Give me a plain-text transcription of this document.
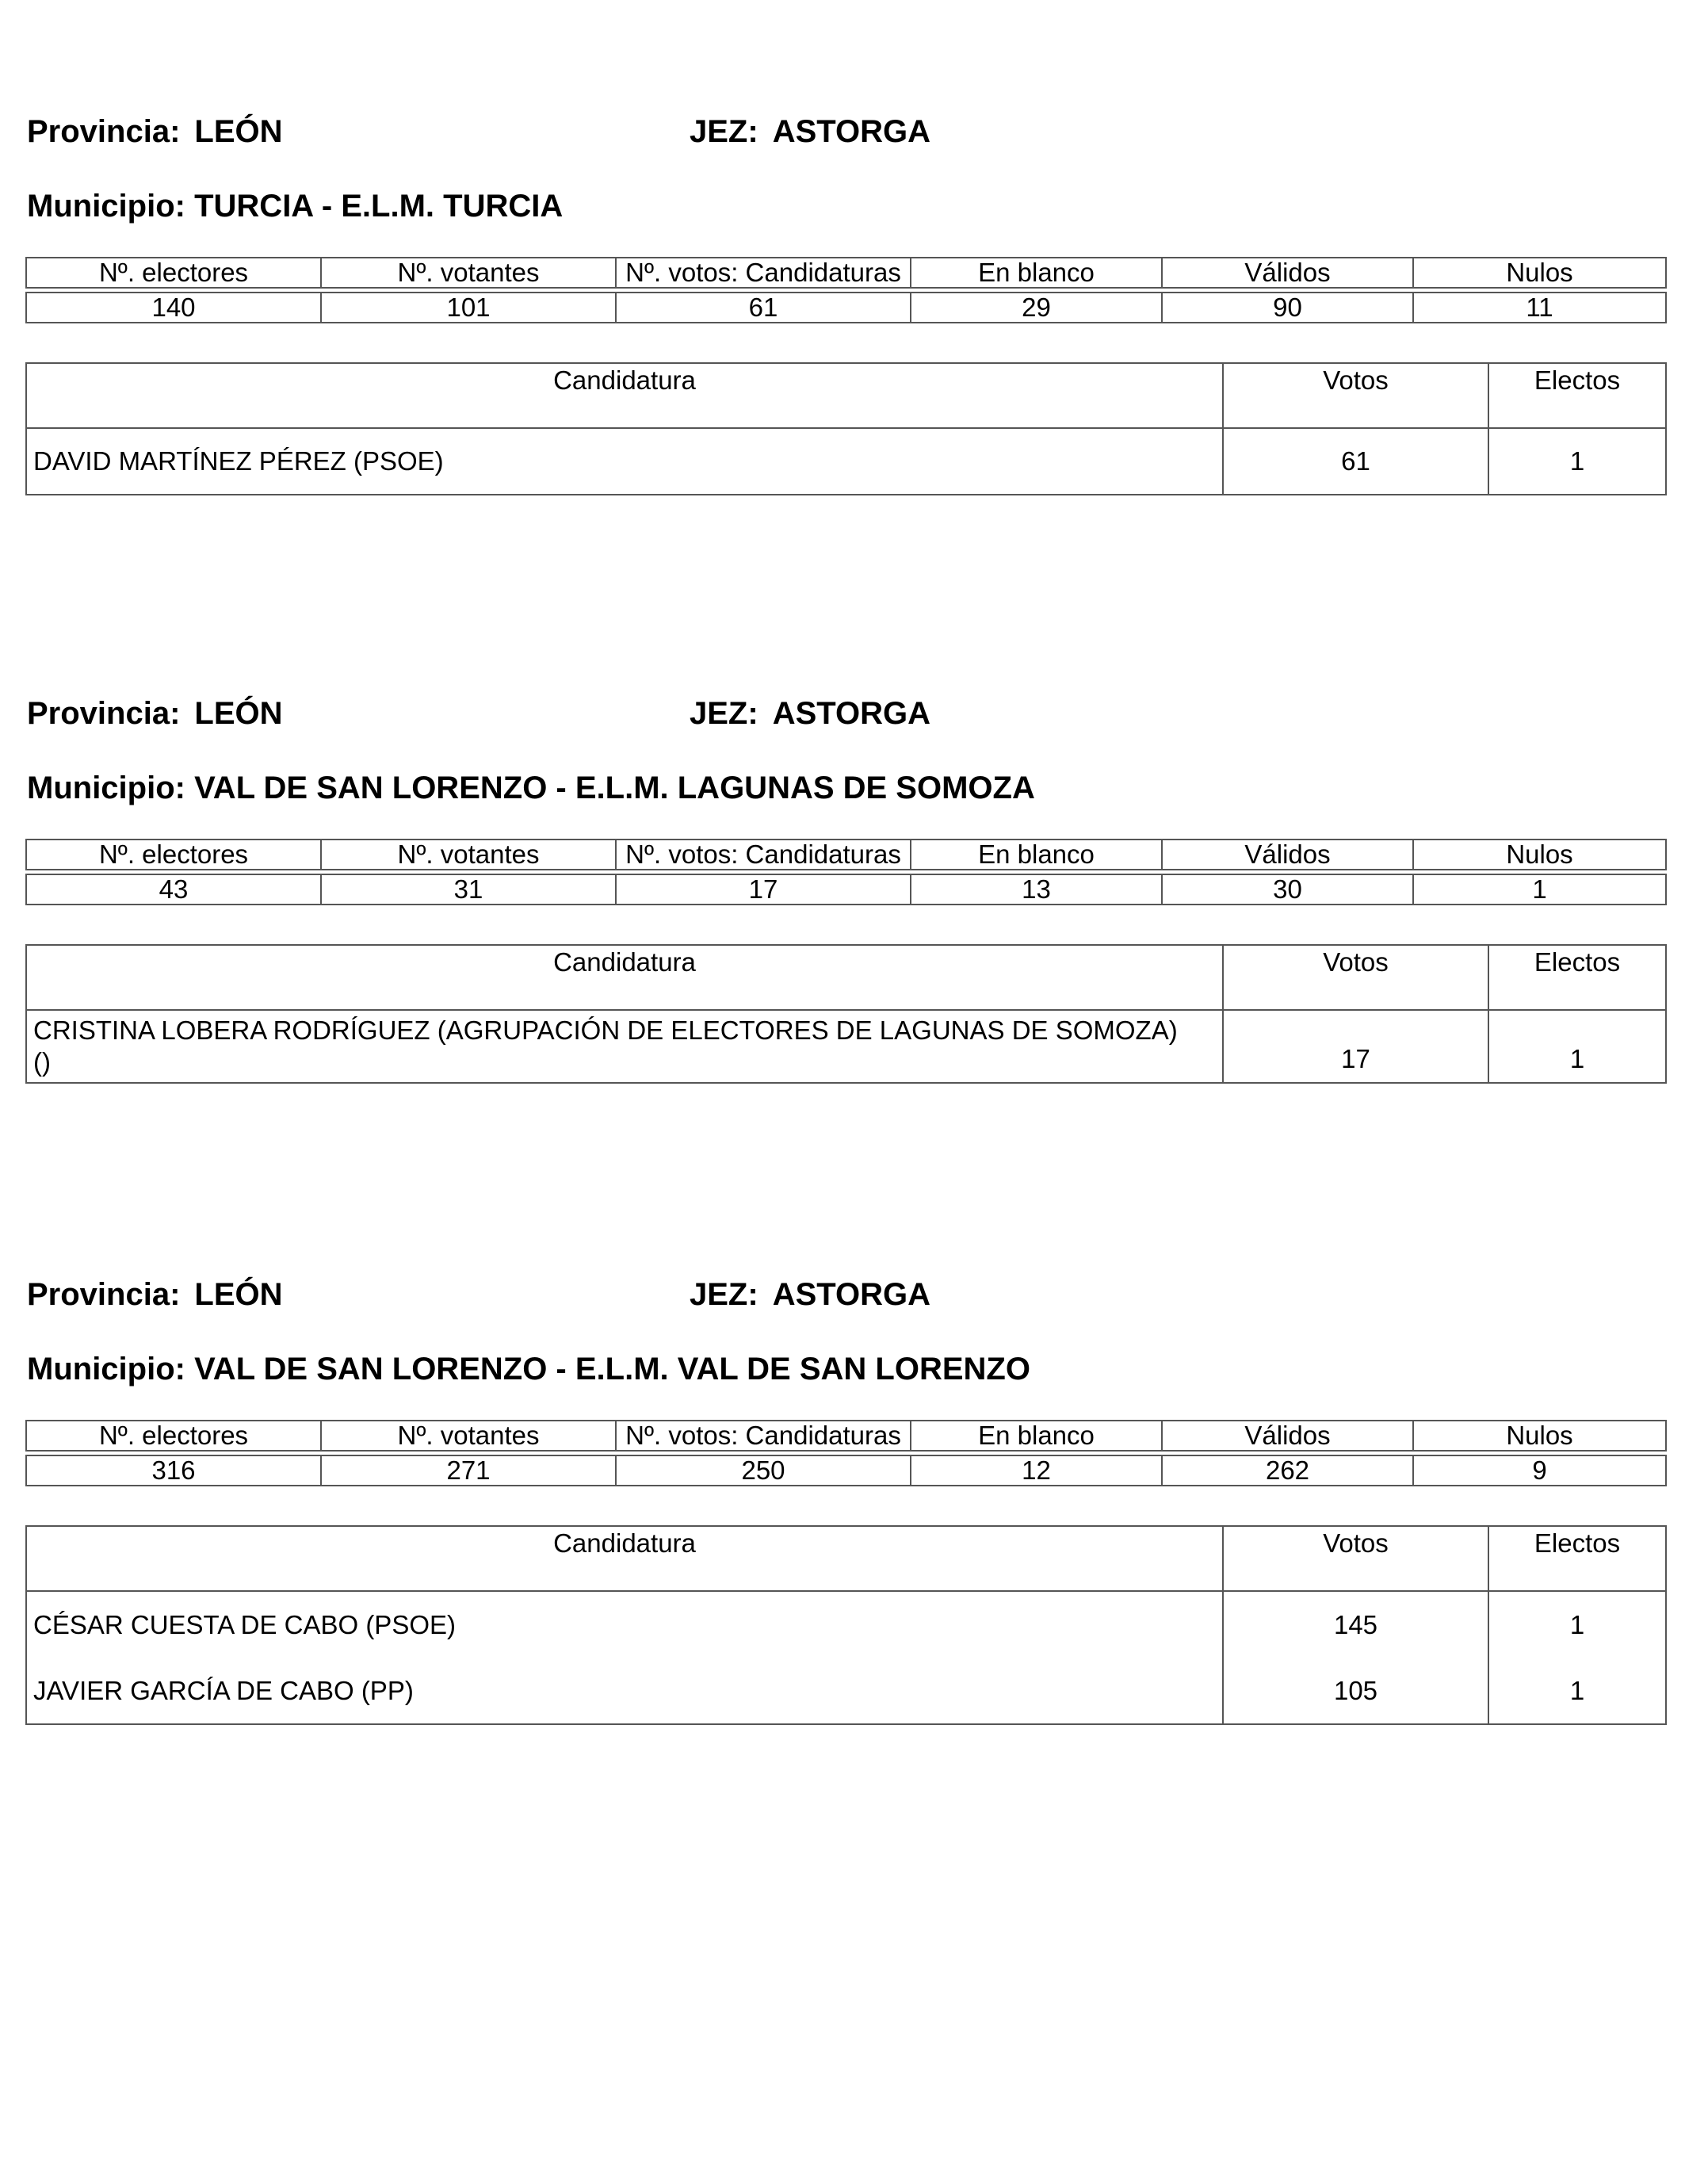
Provincia: LEÓN	JEZ: ASTORGA
Municipio: TURCIA - E.L.M. TURCIA
Nº. electores	Nº. votantes	Nº. votos: Candidaturas	En blanco	Válidos	Nulos

140	101	61	29	90	11
Candidatura	Votos	Electos
DAVID MARTÍNEZ PÉREZ (PSOE)	61	1
Provincia: LEÓN	JEZ: ASTORGA
Municipio: VAL DE SAN LORENZO - E.L.M. LAGUNAS DE SOMOZA
Nº. electores	Nº. votantes	Nº. votos: Candidaturas	En blanco	Válidos	Nulos

43	31	17	13	30	1
Candidatura	Votos	Electos
CRISTINA LOBERA RODRÍGUEZ (AGRUPACIÓN DE ELECTORES DE LAGUNAS DE SOMOZA) ()	17	1
Provincia: LEÓN	JEZ: ASTORGA
Municipio: VAL DE SAN LORENZO - E.L.M. VAL DE SAN LORENZO
Nº. electores	Nº. votantes	Nº. votos: Candidaturas	En blanco	Válidos	Nulos

316	271	250	12	262	9
Candidatura	Votos	Electos
CÉSAR CUESTA DE CABO (PSOE)	145	1
JAVIER GARCÍA DE CABO (PP)	105	1
